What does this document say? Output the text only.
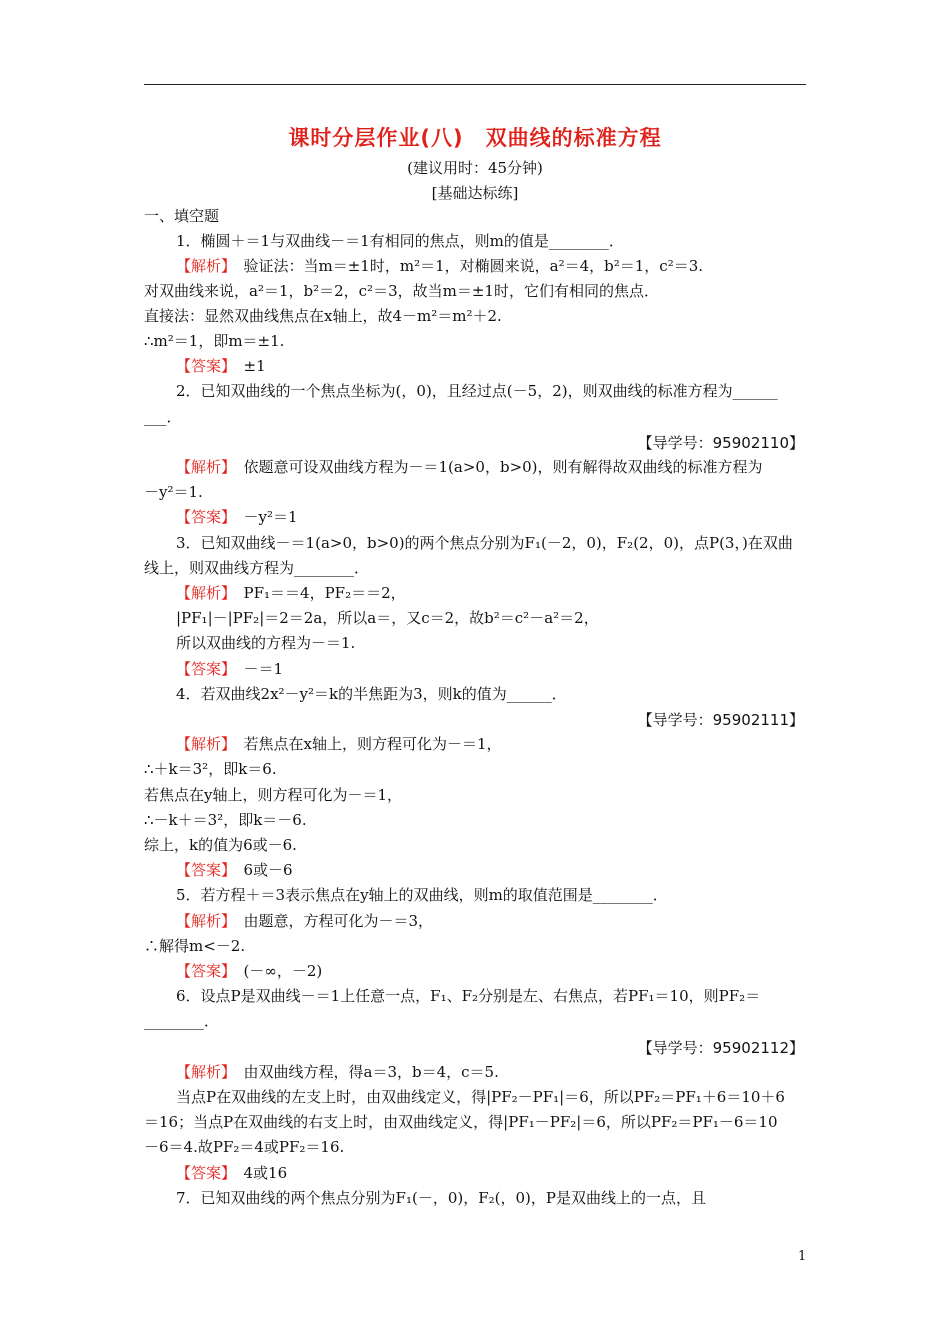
课时分层作业(八)　双曲线的标准方程
(建议用时：45分钟)
[基础达标练]
一、填空题
1．椭圆＋＝1与双曲线－＝1有相同的焦点，则m的值是________．
【解析】　验证法：当m＝±1时，m²＝1，对椭圆来说，a²＝4，b²＝1，c²＝3.
对双曲线来说，a²＝1，b²＝2，c²＝3，故当m＝±1时，它们有相同的焦点．
直接法：显然双曲线焦点在x轴上，故4－m²＝m²＋2.
∴m²＝1，即m＝±1.
【答案】　±1
2．已知双曲线的一个焦点坐标为(，0)，且经过点(－5，2)，则双曲线的标准方程为______
___．
【解析】　依题意可设双曲线方程为－＝1(a>0，b>0)，则有解得故双曲线的标准方程为
－y²＝1.
【答案】　－y²＝1
3．已知双曲线－＝1(a>0，b>0)的两个焦点分别为F₁(－2，0)，F₂(2，0)，点P(3，)在双曲
线上，则双曲线方程为________．
【解析】　PF₁＝＝4，PF₂＝＝2，
|PF₁|－|PF₂|＝2＝2a，所以a＝，又c＝2，故b²＝c²－a²＝2，
所以双曲线的方程为－＝1.
【答案】　－＝1
4．若双曲线2x²－y²＝k的半焦距为3，则k的值为______．
【解析】　若焦点在x轴上，则方程可化为－＝1，
∴＋k＝3²，即k＝6.
若焦点在y轴上，则方程可化为－＝1，
∴－k＋＝3²，即k＝－6.
综上，k的值为6或－6.
【答案】　6或－6
5．若方程＋＝3表示焦点在y轴上的双曲线，则m的取值范围是________．
【解析】　由题意，方程可化为－＝3，
∴解得m<－2.
【答案】　(－∞，－2)
6．设点P是双曲线－＝1上任意一点，F₁、F₂分别是左、右焦点，若PF₁＝10，则PF₂＝
________．
【解析】　由双曲线方程，得a＝3，b＝4，c＝5.
当点P在双曲线的左支上时，由双曲线定义，得|PF₂－PF₁|＝6，所以PF₂＝PF₁＋6＝10＋6
＝16；当点P在双曲线的右支上时，由双曲线定义，得|PF₁－PF₂|＝6，所以PF₂＝PF₁－6＝10
－6＝4.故PF₂＝4或PF₂＝16.
【答案】　4或16
7．已知双曲线的两个焦点分别为F₁(－，0)，F₂(，0)，P是双曲线上的一点，且
【导学号：95902110】
【导学号：95902111】
【导学号：95902112】
1
